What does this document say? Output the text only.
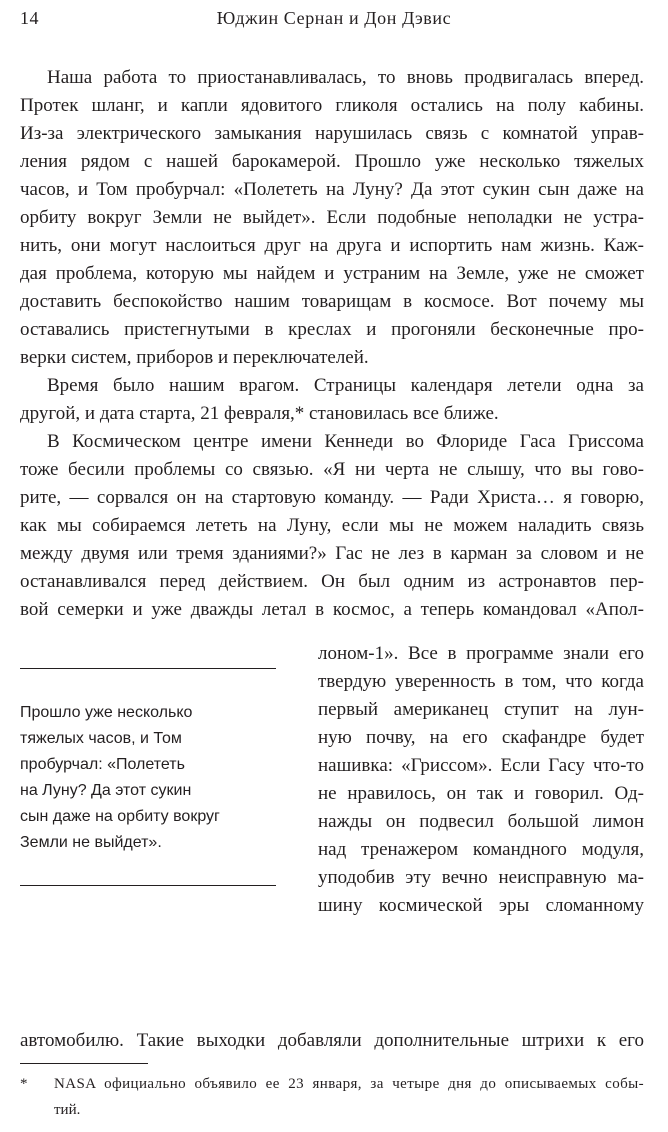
14	Юджин Сернан и Дон Дэвис
Наша работа то приостанавливалась, то вновь продвигалась вперед.
Протек шланг, и капли ядовитого гликоля остались на полу кабины.
Из-за электрического замыкания нарушилась связь с комнатой управ-
ления рядом с нашей барокамерой. Прошло уже несколько тяжелых
часов, и Том пробурчал: «Полететь на Луну? Да этот сукин сын даже на
орбиту вокруг Земли не выйдет». Если подобные неполадки не устра-
нить, они могут наслоиться друг на друга и испортить нам жизнь. Каж-
дая проблема, которую мы найдем и устраним на Земле, уже не сможет
доставить беспокойство нашим товарищам в космосе. Вот почему мы
оставались пристегнутыми в креслах и прогоняли бесконечные про-
верки систем, приборов и переключателей.
Время было нашим врагом. Страницы календаря летели одна за
другой, и дата старта, 21 февраля,* становилась все ближе.
В Космическом центре имени Кеннеди во Флориде Гаса Гриссома
тоже бесили проблемы со связью. «Я ни черта не слышу, что вы гово-
рите, — сорвался он на стартовую команду. — Ради Христа… я говорю,
как мы собираемся лететь на Луну, если мы не можем наладить связь
между двумя или тремя зданиями?» Гас не лез в карман за словом и не
останавливался перед действием. Он был одним из астронавтов пер-
вой семерки и уже дважды летал в космос, а теперь командовал «Апол-
лоном-1». Все в программе знали его
твердую уверенность в том, что когда
первый американец ступит на лун-
ную почву, на его скафандре будет
нашивка: «Гриссом». Если Гасу что-то
не нравилось, он так и говорил. Од-
нажды он подвесил большой лимон
над тренажером командного модуля,
уподобив эту вечно неисправную ма-
шину космической эры сломанному
автомобилю. Такие выходки добавляли дополнительные штрихи к его
Прошло уже несколько
тяжелых часов, и Том
пробурчал: «Полететь
на Луну? Да этот сукин
сын даже на орбиту вокруг
Земли не выйдет».
* NASA официально объявило ее 23 января, за четыре дня до описываемых собы-
тий.
